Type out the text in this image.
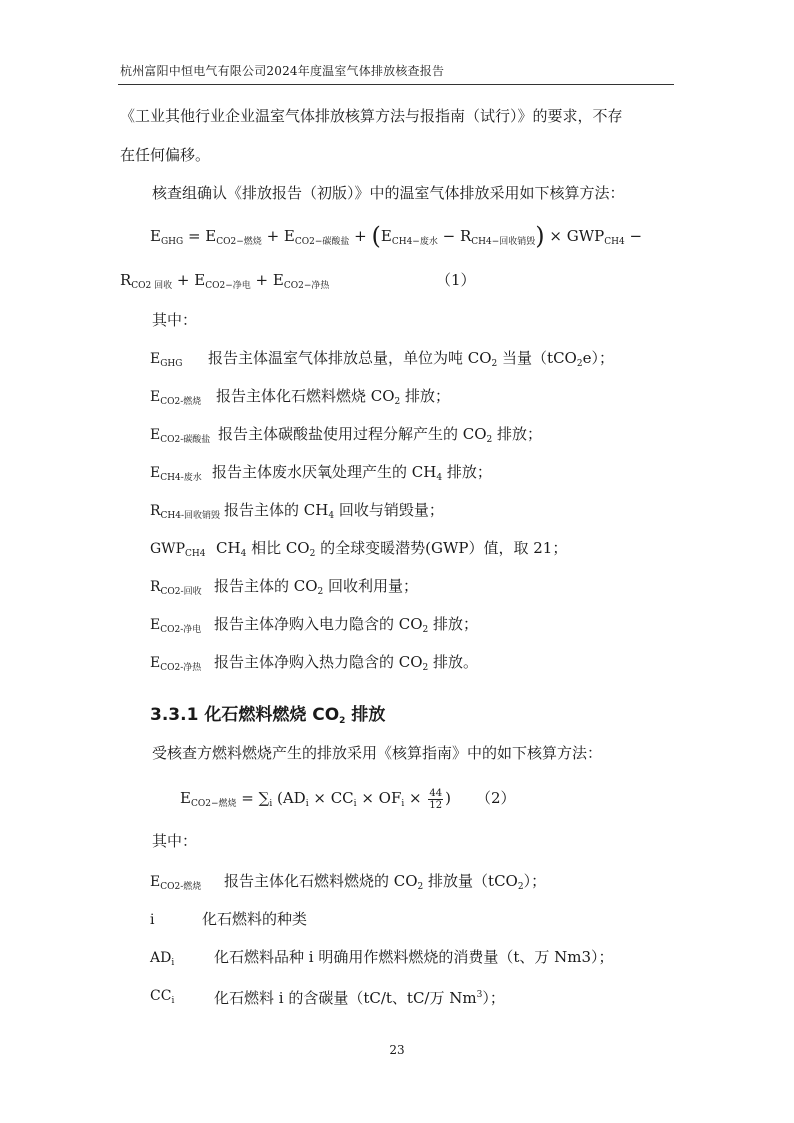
杭州富阳中恒电气有限公司2024年度温室气体排放核查报告
《工业其他行业企业温室气体排放核算方法与报指南（试行）》的要求，不存
在任何偏移。
核查组确认《排放报告（初版）》中的温室气体排放采用如下核算方法：
$E_{GHG} = E_{CO2-燃烧} + E_{CO2-碳酸盐} + (E_{CH4-废水} - R_{CH4-回收销毁}) \times GWP_{CH4}$ −
$R_{CO2 回收} + E_{CO2-净电} + E_{CO2-净热}$	（1）
其中：
$E_{GHG}$ 报告主体温室气体排放总量，单位为吨 $CO_2$ 当量（tCO$_2$e）；
$E_{CO2-燃烧}$ 报告主体化石燃料燃烧 $CO_2$ 排放；
$E_{CO2-碳酸盐}$ 报告主体碳酸盐使用过程分解产生的 $CO_2$ 排放；
$E_{CH4-废水}$ 报告主体废水厌氧处理产生的 $CH_4$ 排放；
$R_{CH4-回收销毁}$ 报告主体的 $CH_4$ 回收与销毁量；
$GWP_{CH4}$ $CH_4$ 相比 $CO_2$ 的全球变暖潜势(GWP）值，取 21；
$R_{CO2-回收}$ 报告主体的 $CO_2$ 回收利用量；
$E_{CO2-净电}$ 报告主体净购入电力隐含的 $CO_2$ 排放；
$E_{CO2-净热}$ 报告主体净购入热力隐含的 $CO_2$ 排放。
3.3.1 化石燃料燃烧 $CO_2$ 排放
受核查方燃料燃烧产生的排放采用《核算指南》中的如下核算方法：
$E_{CO2-燃烧} = \sum_i$ ($AD_i \times CC_i \times OF_i \times \frac{44}{12}$ ) （2）
其中：
$E_{CO2-燃烧}$ 报告主体化石燃料燃烧的 $CO_2$ 排放量（tCO$_2$）；
i	化石燃料的种类
$AD_i$	化石燃料品种 i 明确用作燃料燃烧的消费量（t、万 Nm3）；
$CC_i$	化石燃料 i 的含碳量（tC/t、tC/万 Nm$^3$）；
23
